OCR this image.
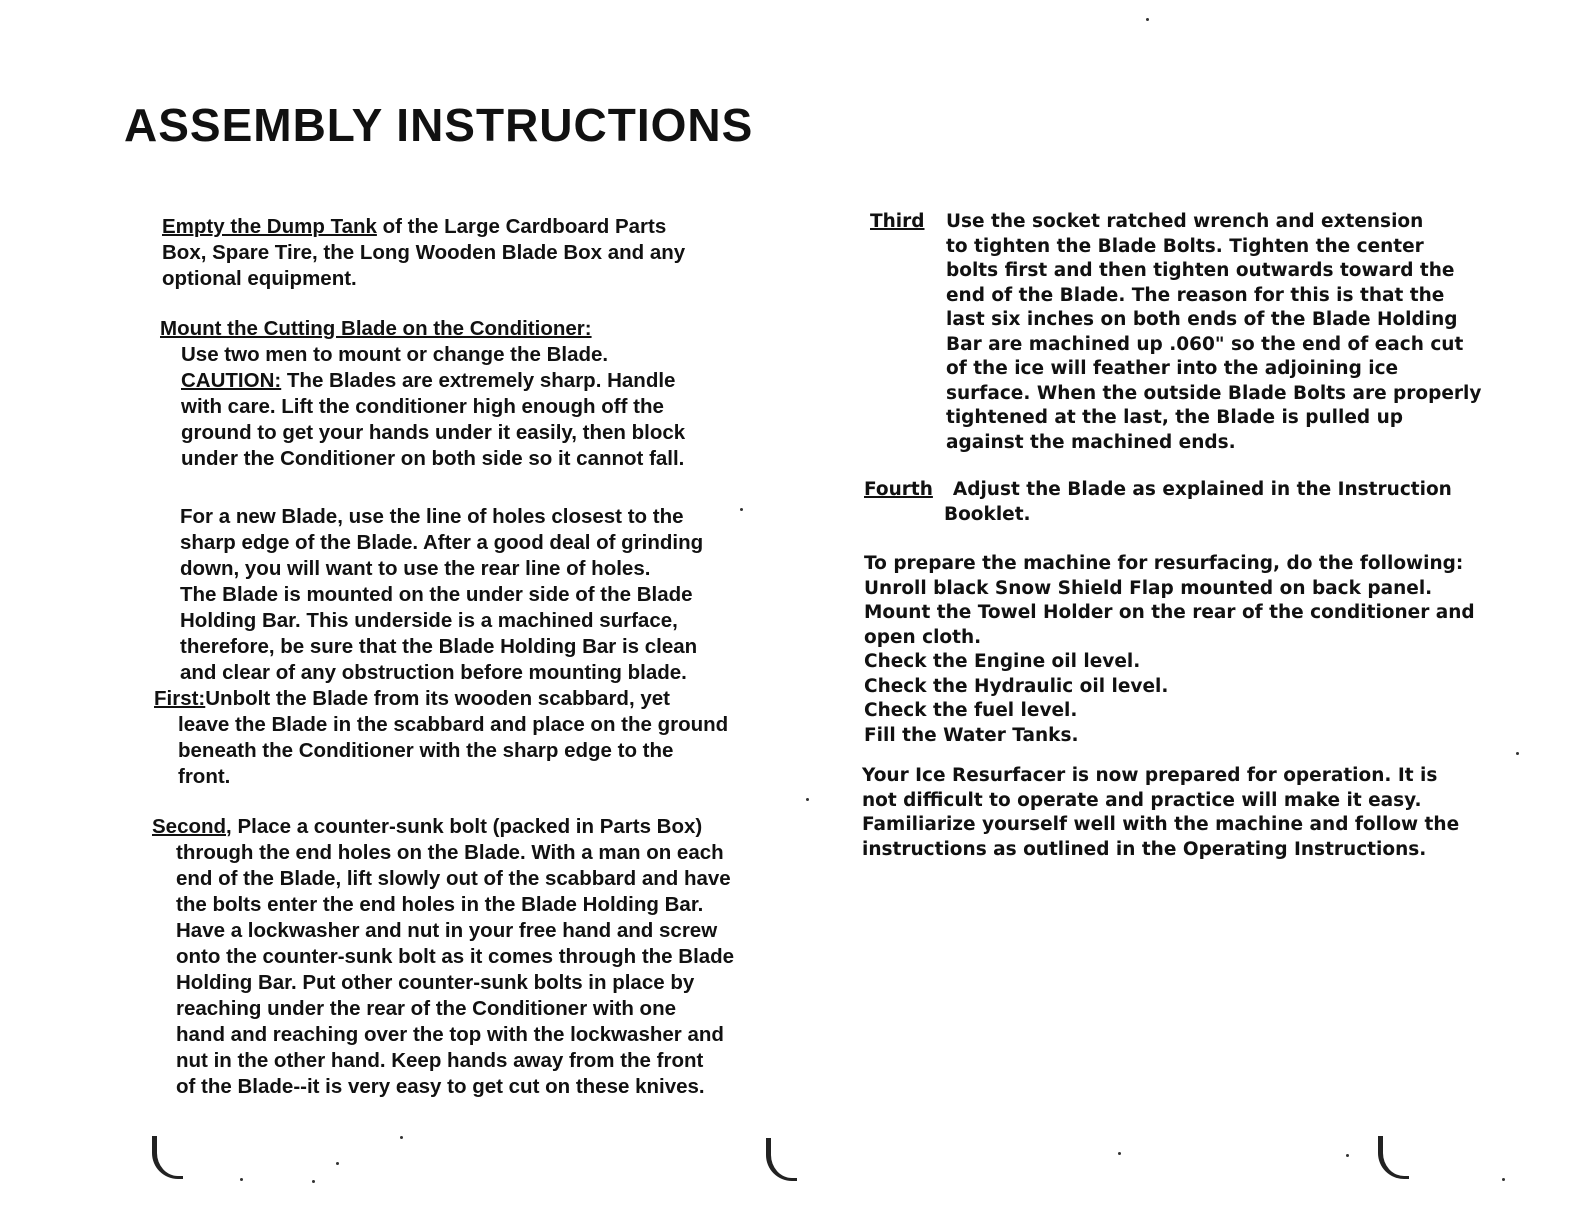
ASSEMBLY INSTRUCTIONS
Empty the Dump Tank of the Large Cardboard Parts
Box, Spare Tire, the Long Wooden Blade Box and any
optional equipment.
Mount the Cutting Blade on the Conditioner:
Use two men to mount or change the Blade.
CAUTION: The Blades are extremely sharp. Handle
with care. Lift the conditioner high enough off the
ground to get your hands under it easily, then block
under the Conditioner on both side so it cannot fall.
For a new Blade, use the line of holes closest to the
sharp edge of the Blade. After a good deal of grinding
down, you will want to use the rear line of holes.
The Blade is mounted on the under side of the Blade
Holding Bar. This underside is a machined surface,
therefore, be sure that the Blade Holding Bar is clean
and clear of any obstruction before mounting blade.
First:Unbolt the Blade from its wooden scabbard, yet
leave the Blade in the scabbard and place on the ground
beneath the Conditioner with the sharp edge to the
front.
Second, Place a counter-sunk bolt (packed in Parts Box)
through the end holes on the Blade. With a man on each
end of the Blade, lift slowly out of the scabbard and have
the bolts enter the end holes in the Blade Holding Bar.
Have a lockwasher and nut in your free hand and screw
onto the counter-sunk bolt as it comes through the Blade
Holding Bar. Put other counter-sunk bolts in place by
reaching under the rear of the Conditioner with one
hand and reaching over the top with the lockwasher and
nut in the other hand. Keep hands away from the front
of the Blade--it is very easy to get cut on these knives.
Third Use the socket ratched wrench and extension
to tighten the Blade Bolts. Tighten the center
bolts first and then tighten outwards toward the
end of the Blade. The reason for this is that the
last six inches on both ends of the Blade Holding
Bar are machined up .060" so the end of each cut
of the ice will feather into the adjoining ice
surface. When the outside Blade Bolts are properly
tightened at the last, the Blade is pulled up
against the machined ends.
Fourth Adjust the Blade as explained in the Instruction
Booklet.
To prepare the machine for resurfacing, do the following:
Unroll black Snow Shield Flap mounted on back panel.
Mount the Towel Holder on the rear of the conditioner and
open cloth.
Check the Engine oil level.
Check the Hydraulic oil level.
Check the fuel level.
Fill the Water Tanks.
Your Ice Resurfacer is now prepared for operation. It is
not difficult to operate and practice will make it easy.
Familiarize yourself well with the machine and follow the
instructions as outlined in the Operating Instructions.
